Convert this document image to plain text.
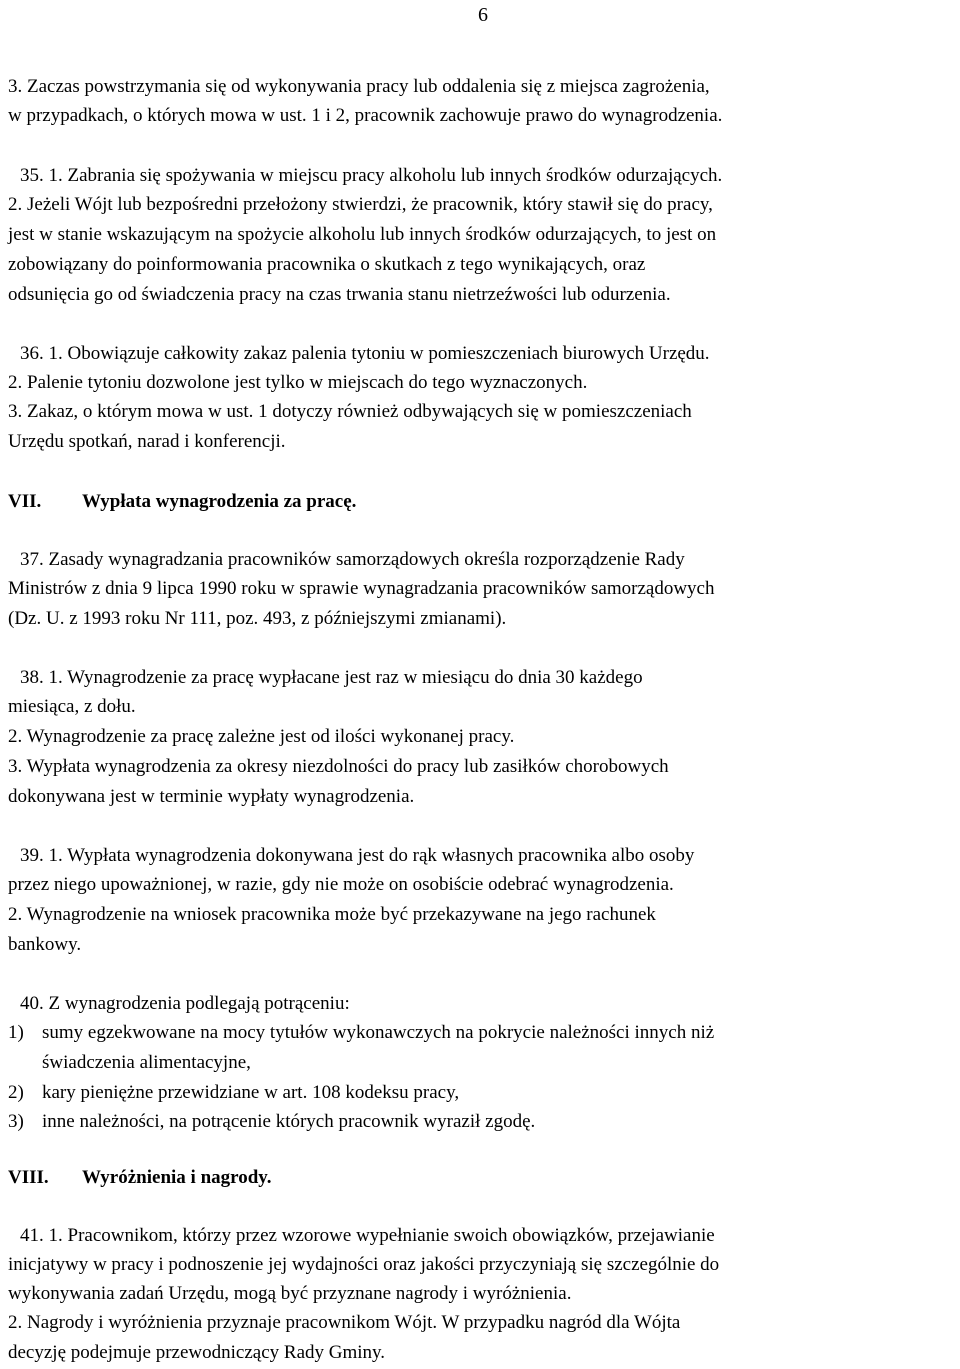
6
3. Zaczas powstrzymania się od wykonywania pracy lub oddalenia się z miejsca zagrożenia,
w przypadkach, o których mowa w ust. 1 i 2, pracownik zachowuje prawo do wynagrodzenia.
35. 1. Zabrania się spożywania w miejscu pracy alkoholu lub innych środków odurzających.
2. Jeżeli Wójt lub bezpośredni przełożony stwierdzi, że pracownik, który stawił się do pracy,
jest w stanie wskazującym na spożycie alkoholu lub innych środków odurzających, to jest on
zobowiązany do poinformowania pracownika o skutkach z tego wynikających, oraz
odsunięcia go od świadczenia pracy na czas trwania stanu nietrzeźwości lub odurzenia.
36. 1. Obowiązuje całkowity zakaz palenia tytoniu w pomieszczeniach biurowych Urzędu.
2. Palenie tytoniu dozwolone jest tylko w miejscach do tego wyznaczonych.
3. Zakaz, o którym mowa w ust. 1 dotyczy również odbywających się w pomieszczeniach
Urzędu spotkań, narad i konferencji.
VII. Wypłata wynagrodzenia za pracę.
37. Zasady wynagradzania pracowników samorządowych określa rozporządzenie Rady
Ministrów z dnia 9 lipca 1990 roku w sprawie wynagradzania pracowników samorządowych
(Dz. U. z 1993 roku Nr 111, poz. 493, z późniejszymi zmianami).
38. 1. Wynagrodzenie za pracę wypłacane jest raz w miesiącu do dnia 30 każdego
miesiąca, z dołu.
2. Wynagrodzenie za pracę zależne jest od ilości wykonanej pracy.
3. Wypłata wynagrodzenia za okresy niezdolności do pracy lub zasiłków chorobowych
dokonywana jest w terminie wypłaty wynagrodzenia.
39. 1. Wypłata wynagrodzenia dokonywana jest do rąk własnych pracownika albo osoby
przez niego upoważnionej, w razie, gdy nie może on osobiście odebrać wynagrodzenia.
2. Wynagrodzenie na wniosek pracownika może być przekazywane na jego rachunek
bankowy.
40. Z wynagrodzenia podlegają potrąceniu:
1) sumy egzekwowane na mocy tytułów wykonawczych na pokrycie należności innych niż
świadczenia alimentacyjne,
2) kary pieniężne przewidziane w art. 108 kodeksu pracy,
3) inne należności, na potrącenie których pracownik wyraził zgodę.
VIII. Wyróżnienia i nagrody.
41. 1. Pracownikom, którzy przez wzorowe wypełnianie swoich obowiązków, przejawianie
inicjatywy w pracy i podnoszenie jej wydajności oraz jakości przyczyniają się szczególnie do
wykonywania zadań Urzędu, mogą być przyznane nagrody i wyróżnienia.
2. Nagrody i wyróżnienia przyznaje pracownikom Wójt. W przypadku nagród dla Wójta
decyzję podejmuje przewodniczący Rady Gminy.
